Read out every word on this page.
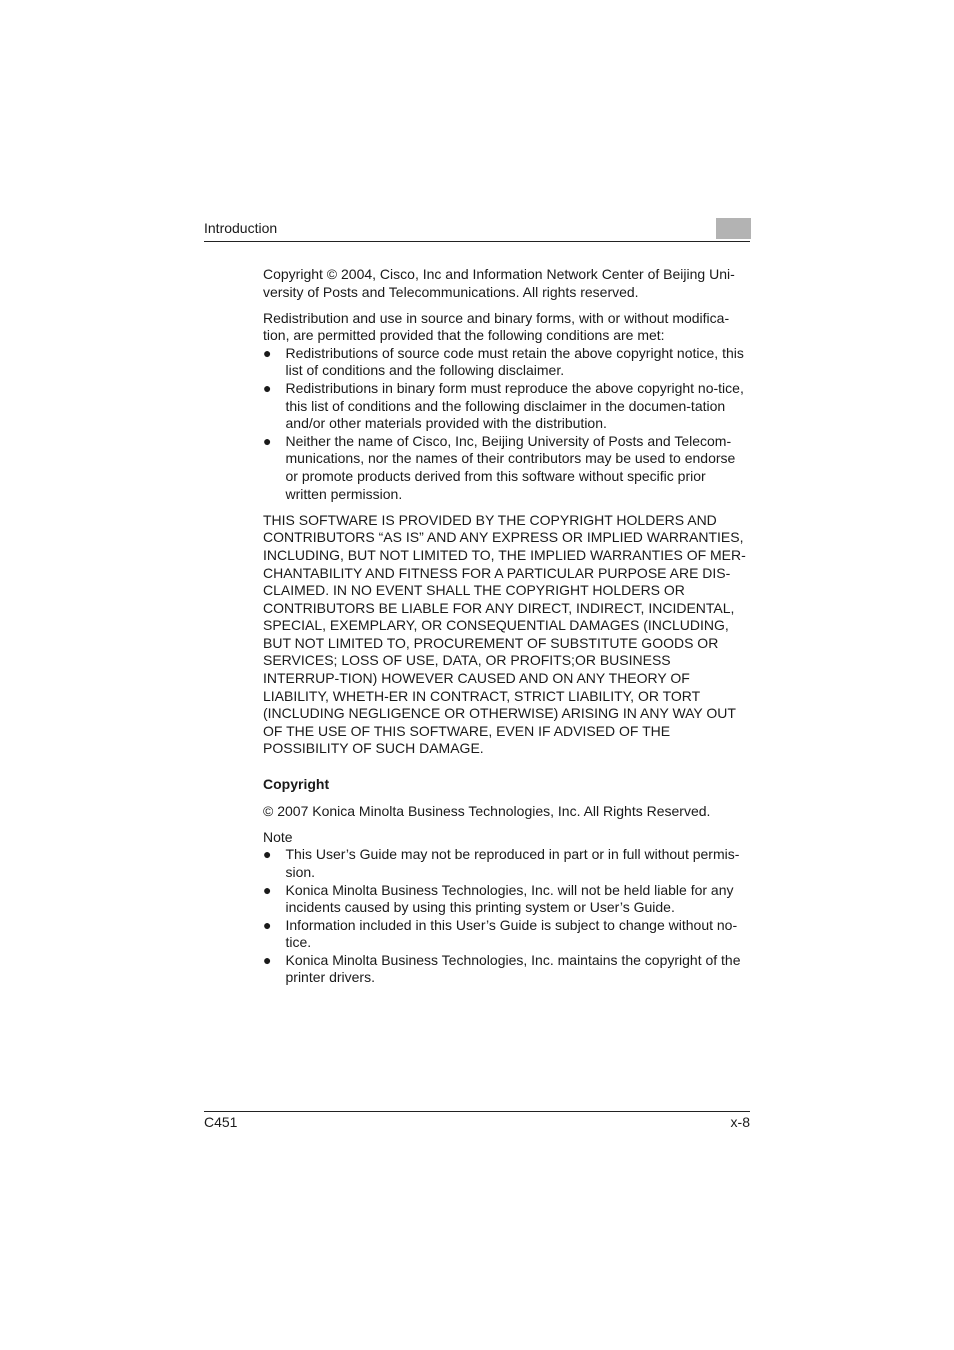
Introduction

Copyright © 2004, Cisco, Inc and Information Network Center of Beijing Uni-versity of Posts and Telecommunications. All rights reserved.

Redistribution and use in source and binary forms, with or without modifica-tion, are permitted provided that the following conditions are met:

● Redistributions of source code must retain the above copyright notice, this list of conditions and the following disclaimer.
● Redistributions in binary form must reproduce the above copyright no-tice, this list of conditions and the following disclaimer in the documen-tation and/or other materials provided with the distribution.
● Neither the name of Cisco, Inc, Beijing University of Posts and Telecom-munications, nor the names of their contributors may be used to endorse or promote products derived from this software without specific prior written permission.

THIS SOFTWARE IS PROVIDED BY THE COPYRIGHT HOLDERS AND CONTRIBUTORS “AS IS” AND ANY EXPRESS OR IMPLIED WARRANTIES, INCLUDING, BUT NOT LIMITED TO, THE IMPLIED WARRANTIES OF MER-CHANTABILITY AND FITNESS FOR A PARTICULAR PURPOSE ARE DIS-CLAIMED. IN NO EVENT SHALL THE COPYRIGHT HOLDERS OR CONTRIBUTORS BE LIABLE FOR ANY DIRECT, INDIRECT, INCIDENTAL, SPECIAL, EXEMPLARY, OR CONSEQUENTIAL DAMAGES (INCLUDING, BUT NOT LIMITED TO, PROCUREMENT OF SUBSTITUTE GOODS OR SERVICES; LOSS OF USE, DATA, OR PROFITS;OR BUSINESS INTERRUP-TION) HOWEVER CAUSED AND ON ANY THEORY OF LIABILITY, WHETH-ER IN CONTRACT, STRICT LIABILITY, OR TORT (INCLUDING NEGLIGENCE OR OTHERWISE) ARISING IN ANY WAY OUT OF THE USE OF THIS SOFTWARE, EVEN IF ADVISED OF THE POSSIBILITY OF SUCH DAMAGE.

Copyright

© 2007 Konica Minolta Business Technologies, Inc. All Rights Reserved.

Note

● This User’s Guide may not be reproduced in part or in full without permis-sion.
● Konica Minolta Business Technologies, Inc. will not be held liable for any incidents caused by using this printing system or User’s Guide.
● Information included in this User’s Guide is subject to change without no-tice.
● Konica Minolta Business Technologies, Inc. maintains the copyright of the printer drivers.
C451	x-8
